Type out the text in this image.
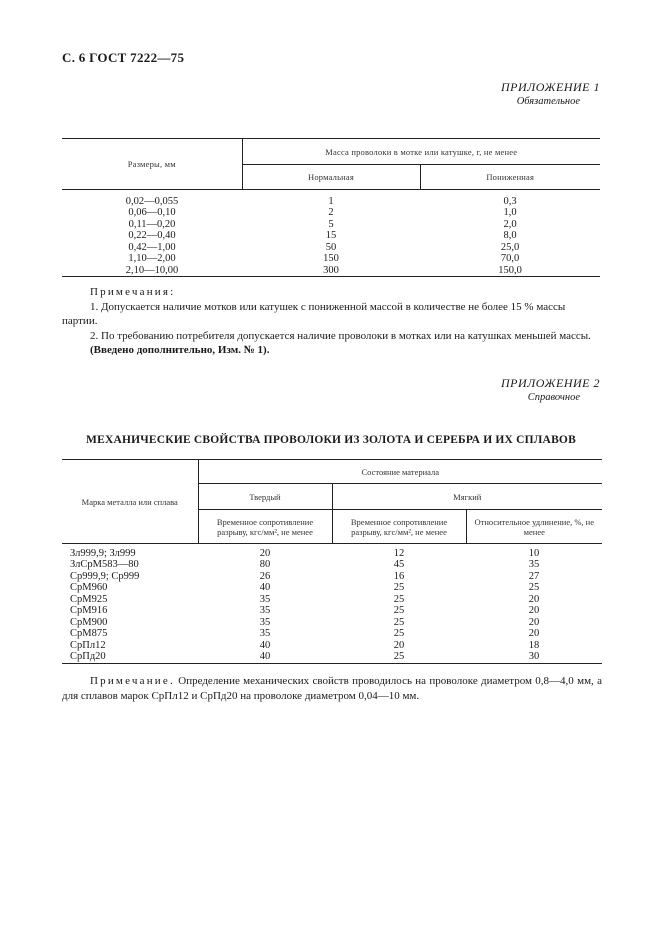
С. 6 ГОСТ 7222—75
ПРИЛОЖЕНИЕ 1
Обязательное
Размеры, мм	Масса проволоки в мотке или катушке, г, не менее	
	Нормальная	Пониженная

0,02—0,055	1	0,3
0,06—0,10	2	1,0
0,11—0,20	5	2,0
0,22—0,40	15	8,0
0,42—1,00	50	25,0
1,10—2,00	150	70,0
2,10—10,00	300	150,0
Примечания:
1. Допускается наличие мотков или катушек с пониженной массой в количестве не более 15 % массы
партии.
2. По требованию потребителя допускается наличие проволоки в мотках или на катушках меньшей массы.
(Введено дополнительно, Изм. № 1).
ПРИЛОЖЕНИЕ 2
Справочное
МЕХАНИЧЕСКИЕ СВОЙСТВА ПРОВОЛОКИ ИЗ ЗОЛОТА И СЕРЕБРА И ИХ СПЛАВОВ
Марка металла или сплава	Состояние материала		
	Твердый	Мягкий	
	Временное сопротивление разрыву, кгс/мм², не менее	Временное сопротивление разрыву, кгс/мм², не менее	Относительное удлинение, %, не менее

Зл999,9; Зл999	20	12	10
ЗлСрМ583—80	80	45	35
Ср999,9; Ср999	26	16	27
СрМ960	40	25	25
СрМ925	35	25	20
СрМ916	35	25	20
СрМ900	35	25	20
СрМ875	35	25	20
СрПл12	40	20	18
СрПд20	40	25	30
Примечание. Определение механических свойств проводилось на проволоке диаметром 0,8—4,0 мм, а для сплавов марок СрПл12 и СрПд20 на проволоке диаметром 0,04—10 мм.
